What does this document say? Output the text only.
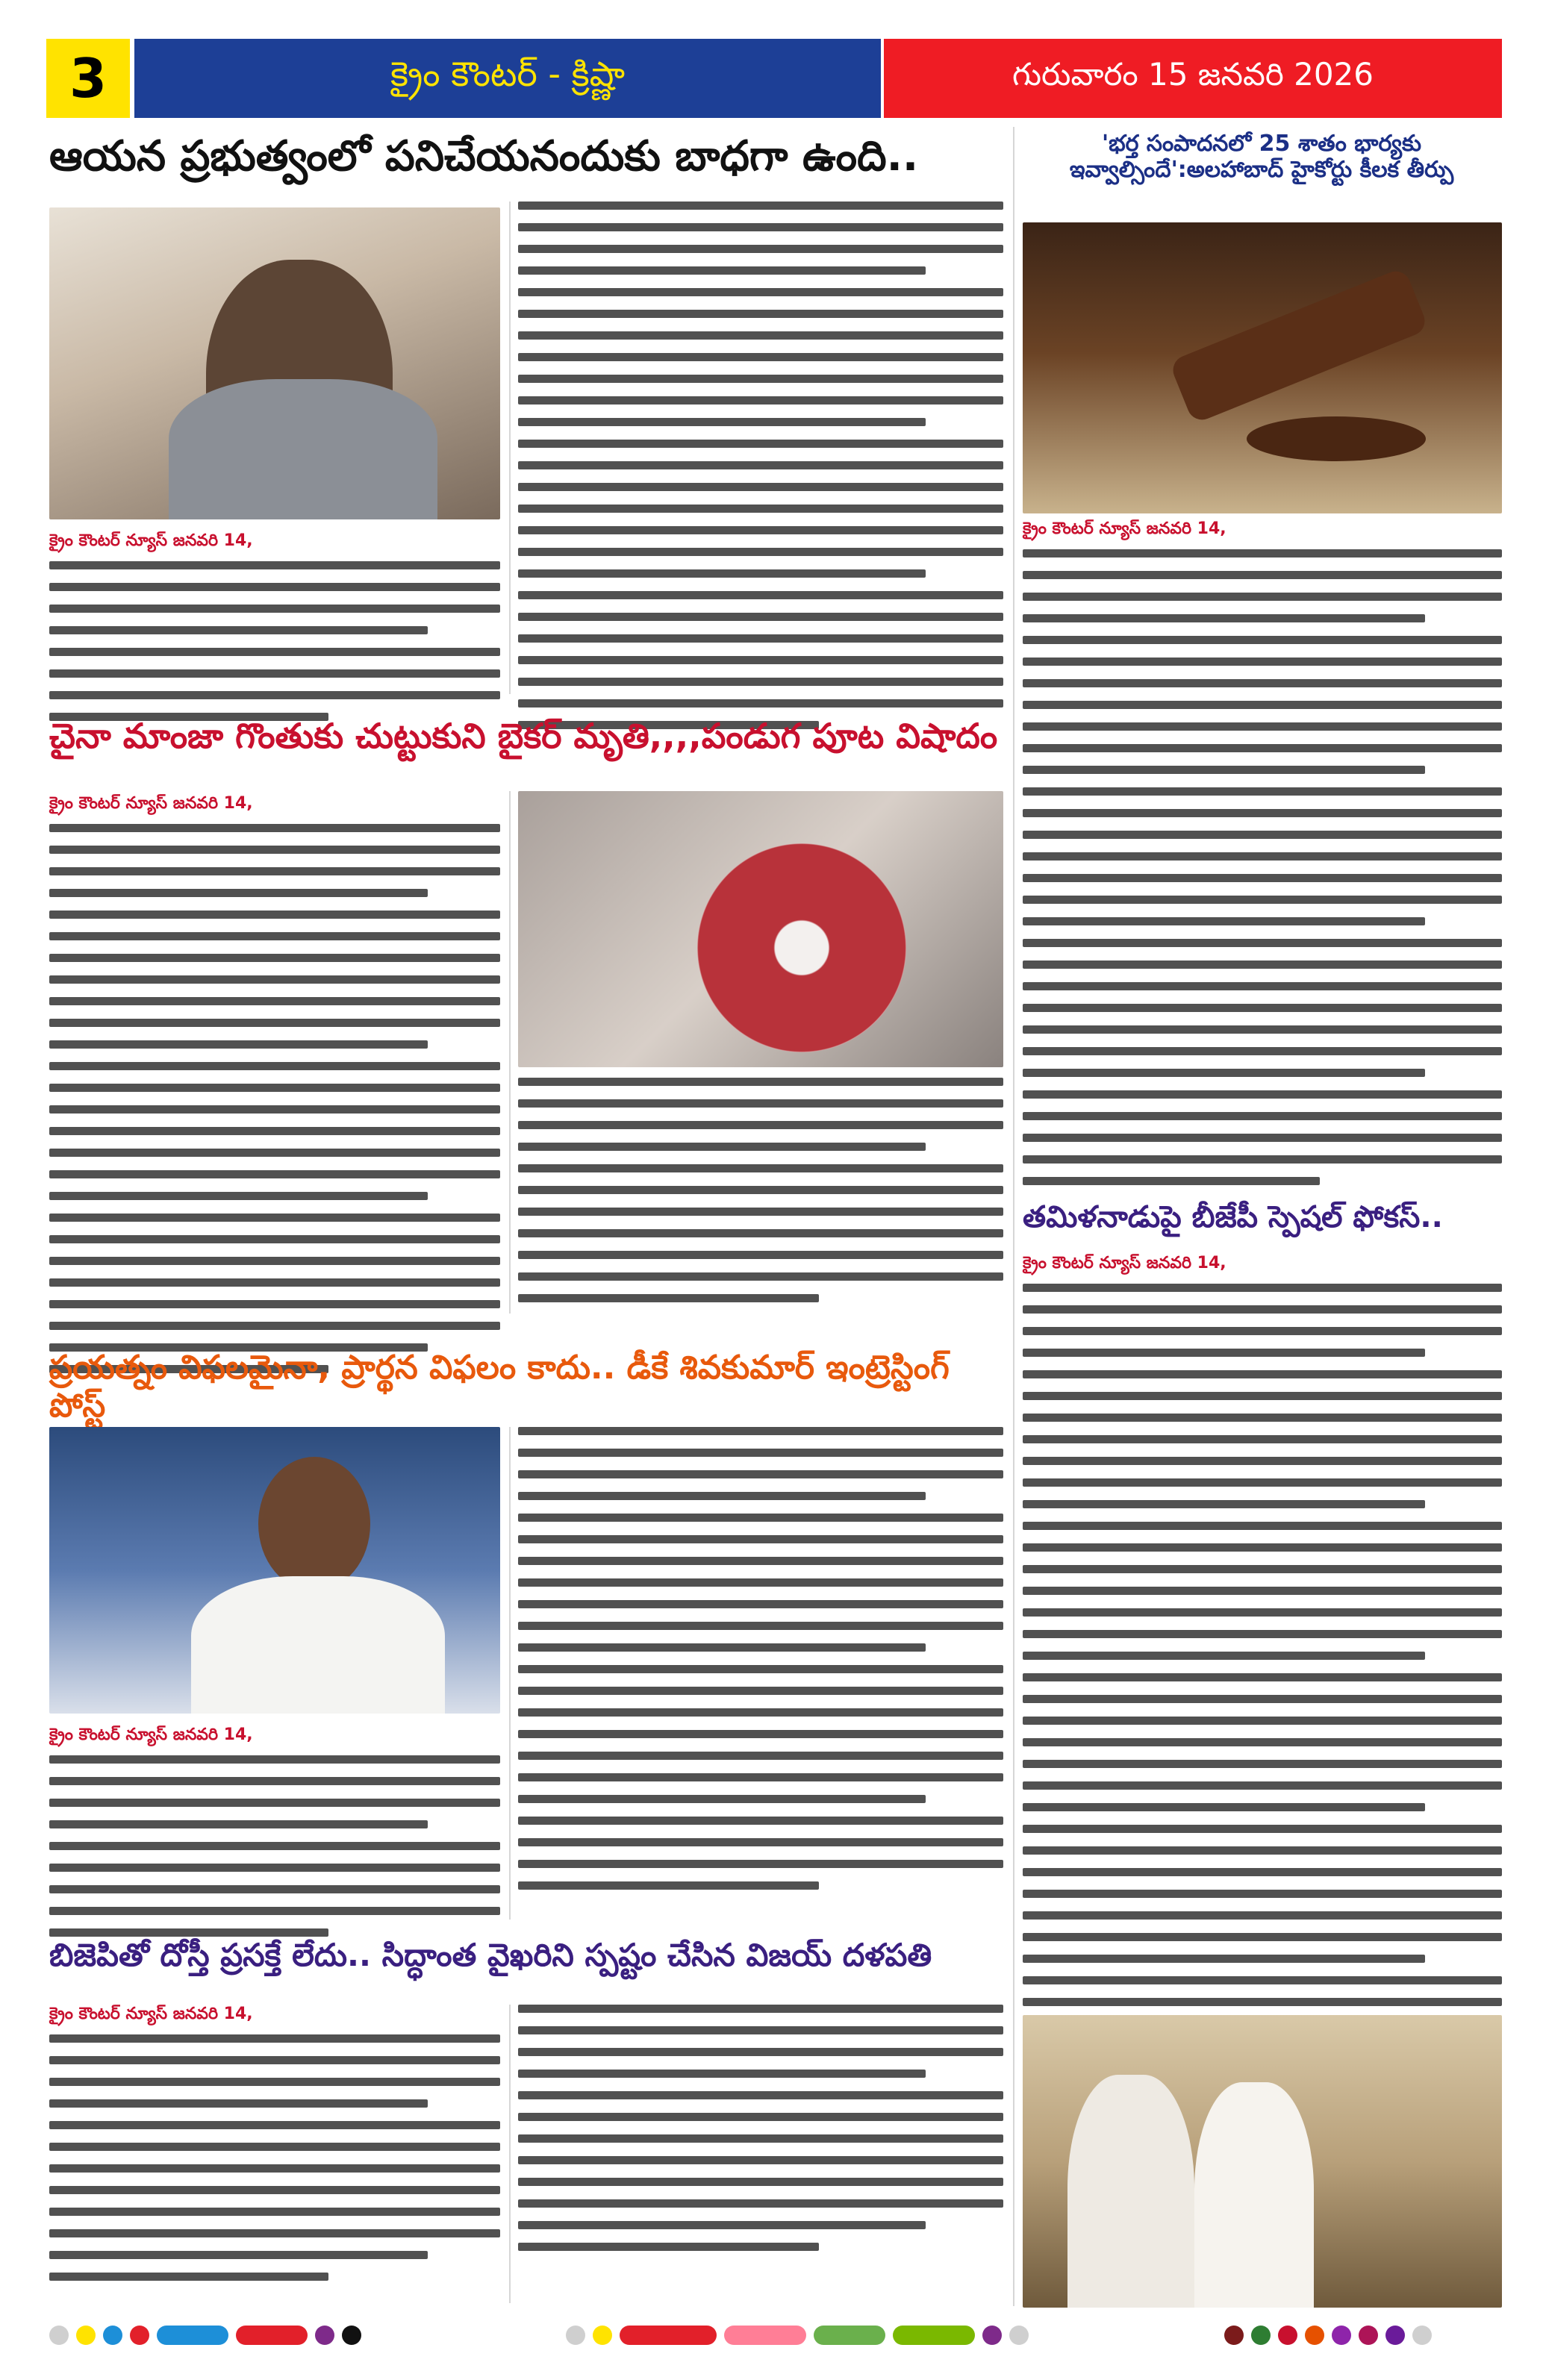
3	క్రైం కౌంటర్ - క్రిష్ణా	గురువారం 15 జనవరి 2026
ఆయన ప్రభుత్వంలో పనిచేయనందుకు బాధగా ఉంది..	'భర్త సంపాదనలో 25 శాతం భార్యకు ఇవ్వాల్సిందే':అలహాబాద్ హైకోర్టు కీలక తీర్పు
క్రైం కౌంటర్ న్యూస్ జనవరి 14,
చైనా మాంజా గొంతుకు చుట్టుకుని బైకర్ మృతి,,,,పండుగ పూట విషాదం
క్రైం కౌంటర్ న్యూస్ జనవరి 14,
క్రైం కౌంటర్ న్యూస్ జనవరి 14,
తమిళనాడుపై బీజేపీ స్పెషల్ ఫోకస్..
క్రైం కౌంటర్ న్యూస్ జనవరి 14,
ప్రయత్నం విఫలమైనా, ప్రార్థన విఫలం కాదు.. డీకే శివకుమార్ ఇంట్రెస్టింగ్ పోస్ట్
క్రైం కౌంటర్ న్యూస్ జనవరి 14,
బిజెపితో దోస్తీ ప్రసక్తే లేదు.. సిద్ధాంత వైఖరిని స్పష్టం చేసిన విజయ్ దళపతి
క్రైం కౌంటర్ న్యూస్ జనవరి 14,
